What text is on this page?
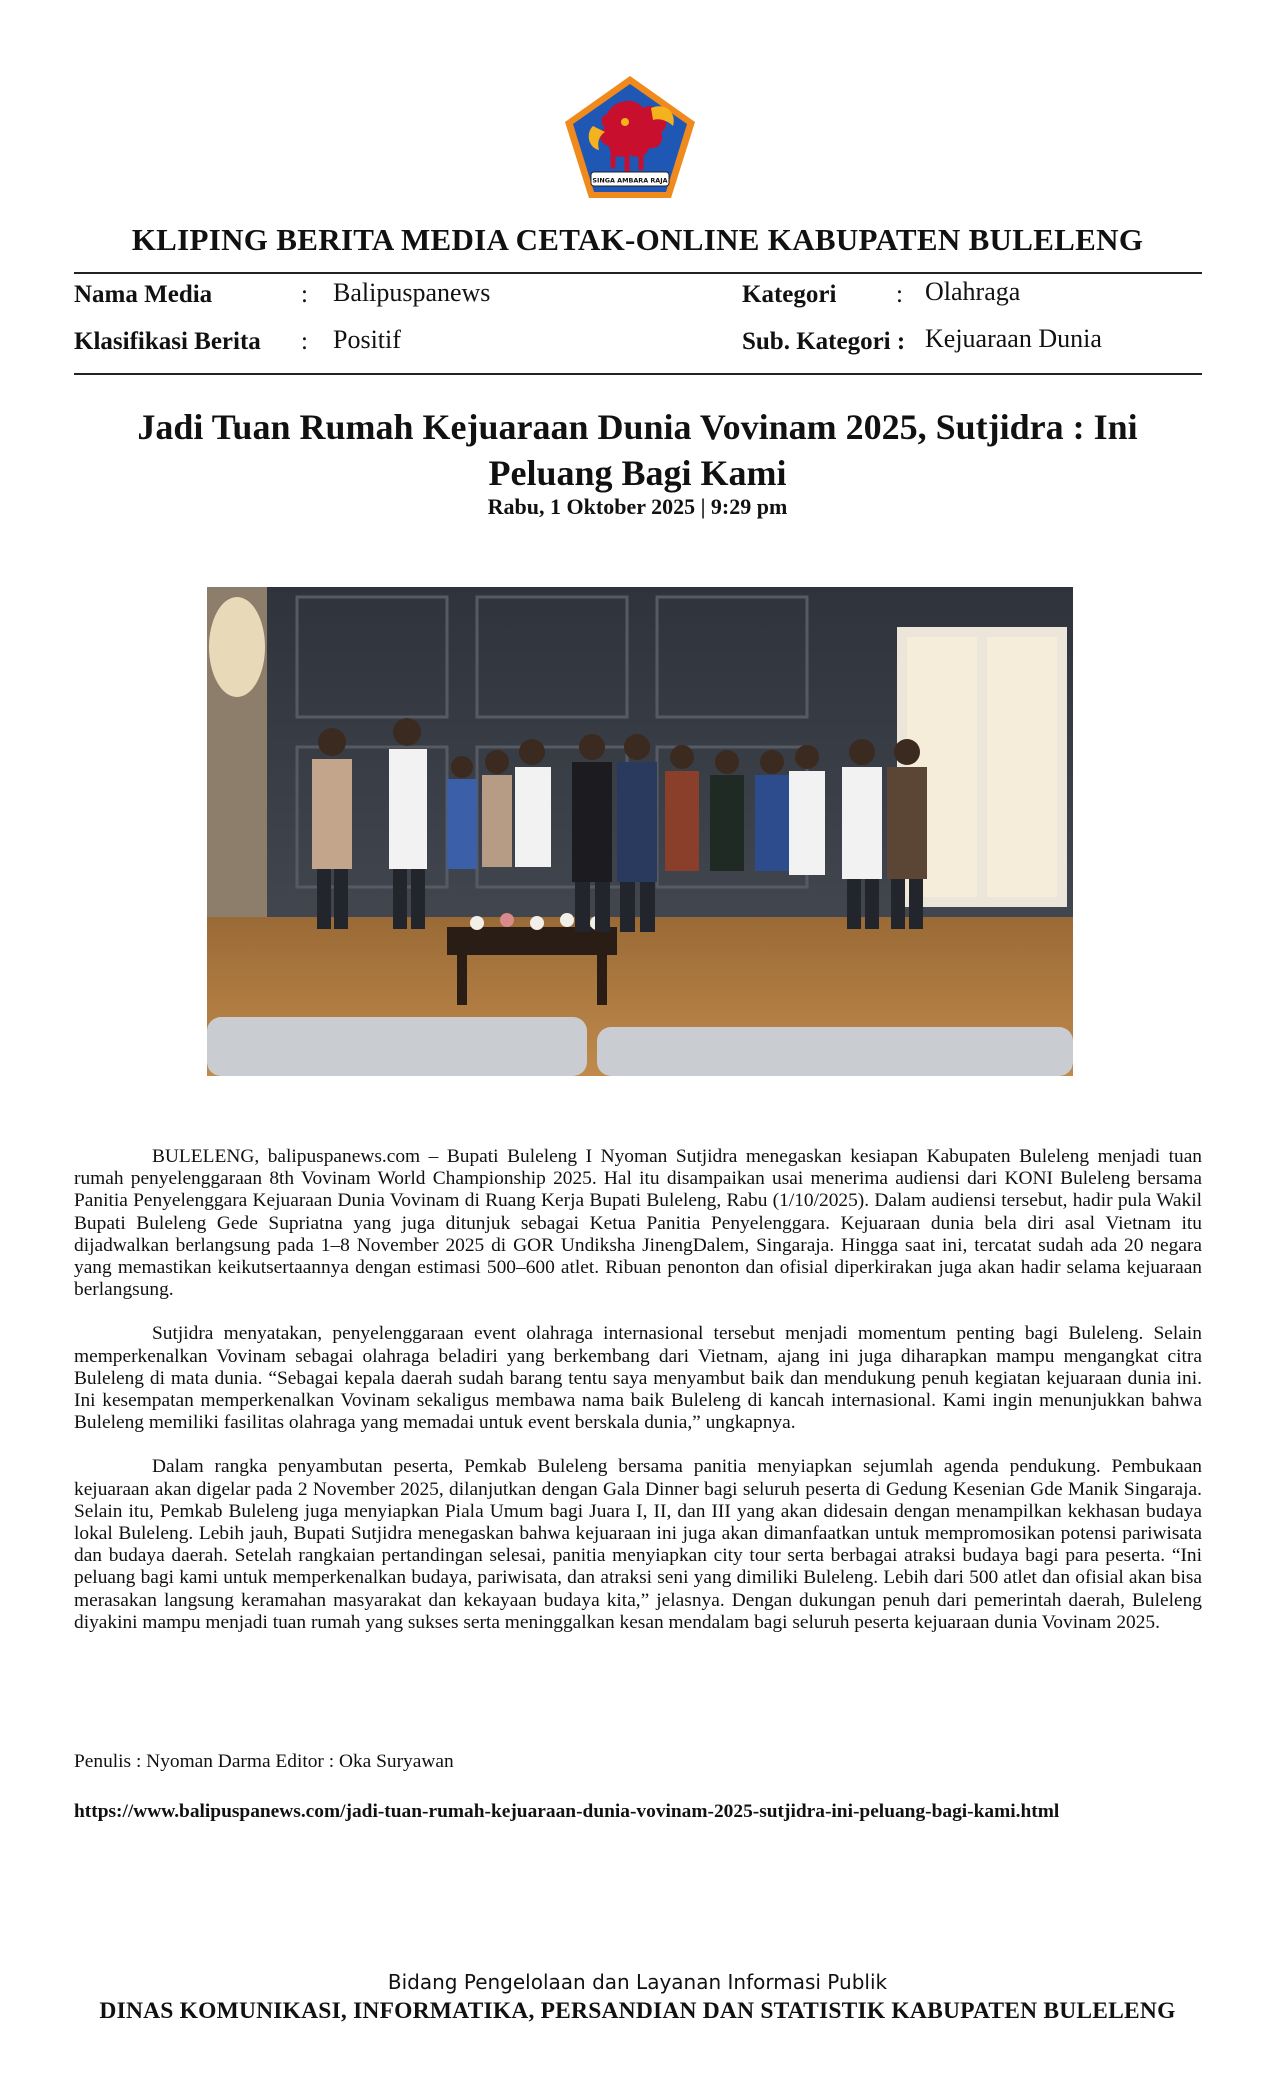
SINGA AMBARA RAJA
KLIPING BERITA MEDIA CETAK-ONLINE KABUPATEN BULELENG
Nama Media	: Balipuspanews
Klasifikasi Berita : Positif
Kategori : Olahraga
Sub. Kategori : Kejuaraan Dunia
Jadi Tuan Rumah Kejuaraan Dunia Vovinam 2025, Sutjidra : Ini Peluang Bagi Kami
Rabu, 1 Oktober 2025 | 9:29 pm

BULELENG, balipuspanews.com – Bupati Buleleng I Nyoman Sutjidra menegaskan kesiapan Kabupaten Buleleng menjadi tuan rumah penyelenggaraan 8th Vovinam World Championship 2025. Hal itu disampaikan usai menerima audiensi dari KONI Buleleng bersama Panitia Penyelenggara Kejuaraan Dunia Vovinam di Ruang Kerja Bupati Buleleng, Rabu (1/10/2025). Dalam audiensi tersebut, hadir pula Wakil Bupati Buleleng Gede Supriatna yang juga ditunjuk sebagai Ketua Panitia Penyelenggara. Kejuaraan dunia bela diri asal Vietnam itu dijadwalkan berlangsung pada 1–8 November 2025 di GOR Undiksha JinengDalem, Singaraja. Hingga saat ini, tercatat sudah ada 20 negara yang memastikan keikutsertaannya dengan estimasi 500–600 atlet. Ribuan penonton dan ofisial diperkirakan juga akan hadir selama kejuaraan berlangsung.

Sutjidra menyatakan, penyelenggaraan event olahraga internasional tersebut menjadi momentum penting bagi Buleleng. Selain memperkenalkan Vovinam sebagai olahraga beladiri yang berkembang dari Vietnam, ajang ini juga diharapkan mampu mengangkat citra Buleleng di mata dunia. “Sebagai kepala daerah sudah barang tentu saya menyambut baik dan mendukung penuh kegiatan kejuaraan dunia ini. Ini kesempatan memperkenalkan Vovinam sekaligus membawa nama baik Buleleng di kancah internasional. Kami ingin menunjukkan bahwa Buleleng memiliki fasilitas olahraga yang memadai untuk event berskala dunia,” ungkapnya.

Dalam rangka penyambutan peserta, Pemkab Buleleng bersama panitia menyiapkan sejumlah agenda pendukung. Pembukaan kejuaraan akan digelar pada 2 November 2025, dilanjutkan dengan Gala Dinner bagi seluruh peserta di Gedung Kesenian Gde Manik Singaraja. Selain itu, Pemkab Buleleng juga menyiapkan Piala Umum bagi Juara I, II, dan III yang akan didesain dengan menampilkan kekhasan budaya lokal Buleleng. Lebih jauh, Bupati Sutjidra menegaskan bahwa kejuaraan ini juga akan dimanfaatkan untuk mempromosikan potensi pariwisata dan budaya daerah. Setelah rangkaian pertandingan selesai, panitia menyiapkan city tour serta berbagai atraksi budaya bagi para peserta. “Ini peluang bagi kami untuk memperkenalkan budaya, pariwisata, dan atraksi seni yang dimiliki Buleleng. Lebih dari 500 atlet dan ofisial akan bisa merasakan langsung keramahan masyarakat dan kekayaan budaya kita,” jelasnya. Dengan dukungan penuh dari pemerintah daerah, Buleleng diyakini mampu menjadi tuan rumah yang sukses serta meninggalkan kesan mendalam bagi seluruh peserta kejuaraan dunia Vovinam 2025.

Penulis : Nyoman Darma Editor : Oka Suryawan
https://www.balipuspanews.com/jadi-tuan-rumah-kejuaraan-dunia-vovinam-2025-sutjidra-ini-peluang-bagi-kami.html
Bidang Pengelolaan dan Layanan Informasi Publik
DINAS KOMUNIKASI, INFORMATIKA, PERSANDIAN DAN STATISTIK KABUPATEN BULELENG
